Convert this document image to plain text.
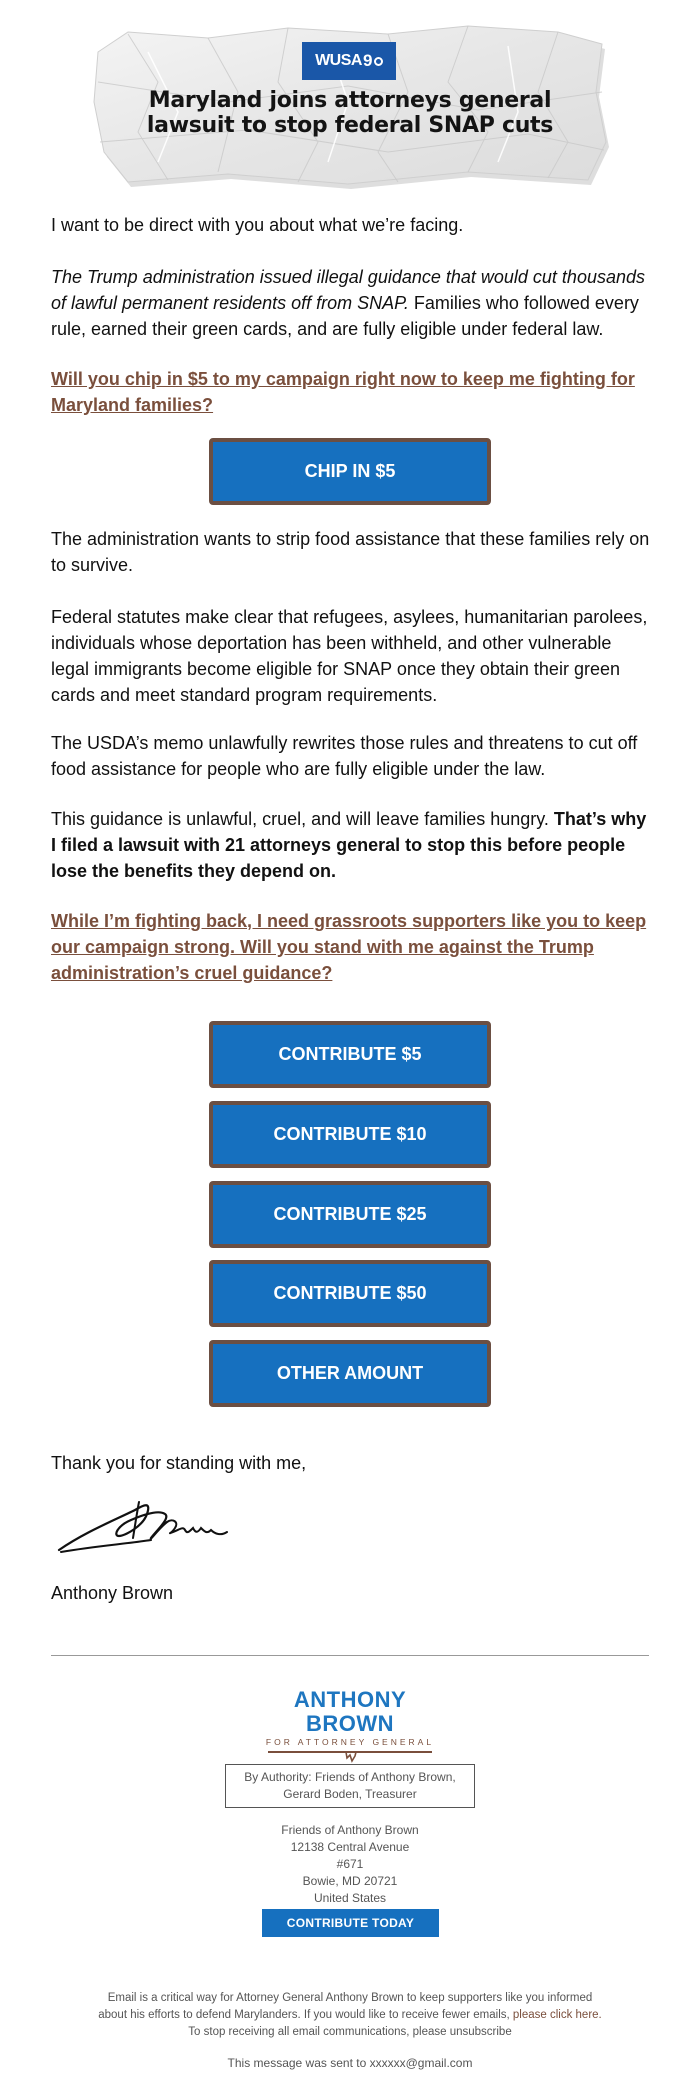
WUSA 9
Maryland joins attorneys general lawsuit to stop federal SNAP cuts

I want to be direct with you about what we’re facing.

The Trump administration issued illegal guidance that would cut thousands of lawful permanent residents off from SNAP. Families who followed every rule, earned their green cards, and are fully eligible under federal law.

Will you chip in $5 to my campaign right now to keep me fighting for Maryland families?

CHIP IN $5

The administration wants to strip food assistance that these families rely on to survive.

Federal statutes make clear that refugees, asylees, humanitarian parolees, individuals whose deportation has been withheld, and other vulnerable legal immigrants become eligible for SNAP once they obtain their green cards and meet standard program requirements.

The USDA’s memo unlawfully rewrites those rules and threatens to cut off food assistance for people who are fully eligible under the law.

This guidance is unlawful, cruel, and will leave families hungry. That’s why I filed a lawsuit with 21 attorneys general to stop this before people lose the benefits they depend on.

While I’m fighting back, I need grassroots supporters like you to keep our campaign strong. Will you stand with me against the Trump administration’s cruel guidance?

CONTRIBUTE $5
CONTRIBUTE $10
CONTRIBUTE $25
CONTRIBUTE $50
OTHER AMOUNT

Thank you for standing with me,

Anthony Brown

ANTHONY BROWN
FOR ATTORNEY GENERAL
By Authority: Friends of Anthony Brown,
Gerard Boden, Treasurer
Friends of Anthony Brown
12138 Central Avenue
#671
Bowie, MD 20721
United States
CONTRIBUTE TODAY
Email is a critical way for Attorney General Anthony Brown to keep supporters like you informed
about his efforts to defend Marylanders. If you would like to receive fewer emails, please click here.
To stop receiving all email communications, please unsubscribe
This message was sent to xxxxxx@gmail.com
